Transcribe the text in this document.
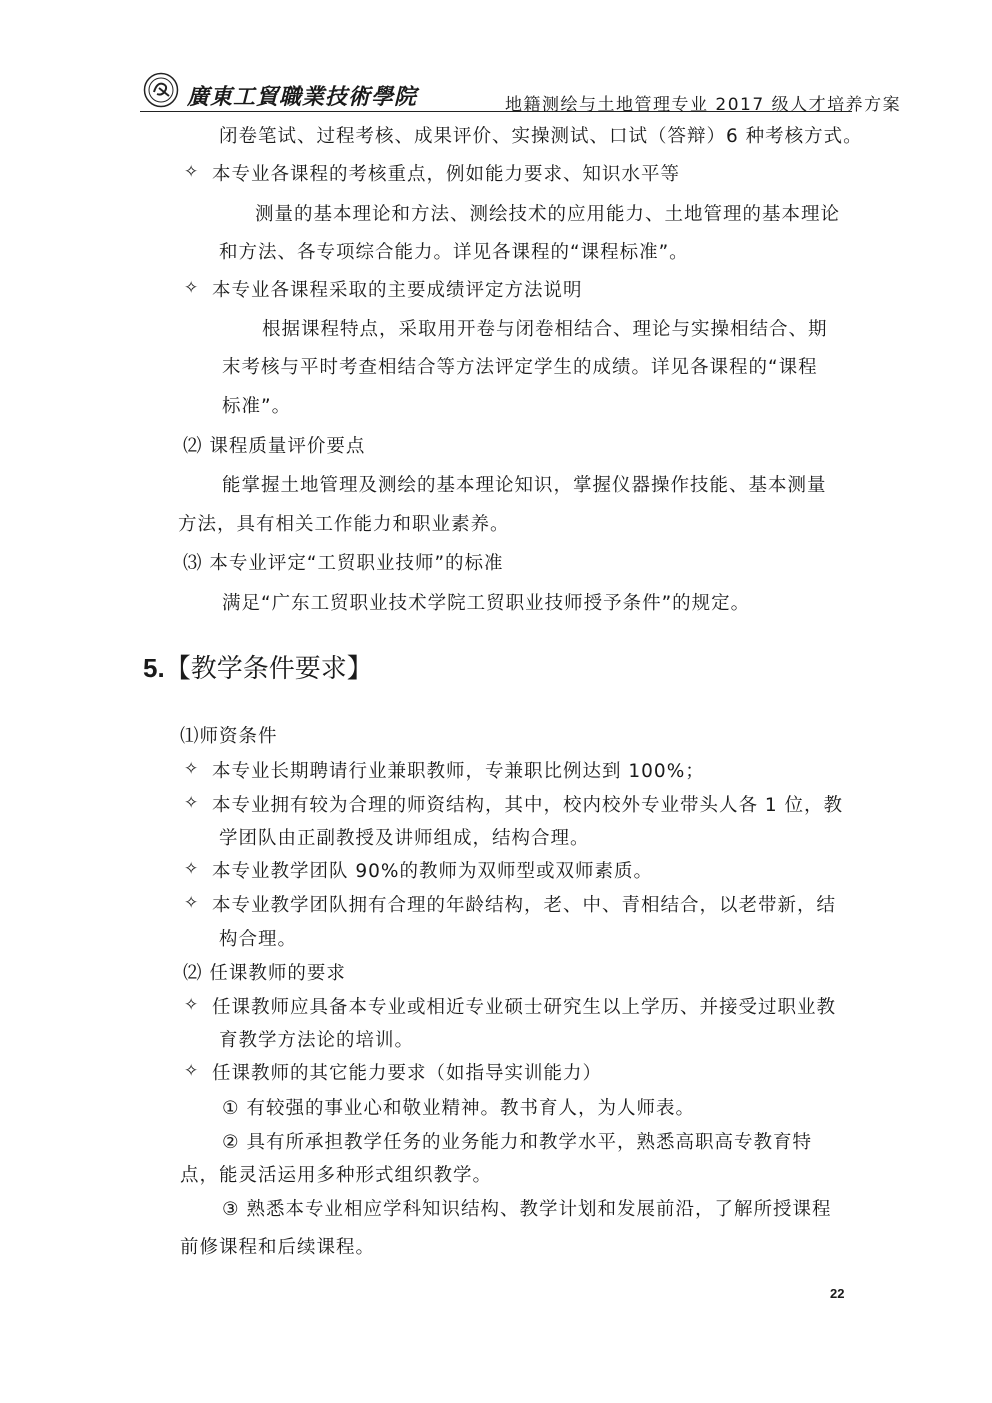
廣東工貿職業技術學院	地籍测绘与土地管理专业 2017 级人才培养方案
闭卷笔试、过程考核、成果评价、实操测试、口试（答辩）6 种考核方式。
✧ 本专业各课程的考核重点，例如能力要求、知识水平等
测量的基本理论和方法、测绘技术的应用能力、土地管理的基本理论
和方法、各专项综合能力。详见各课程的“课程标准”。
✧ 本专业各课程采取的主要成绩评定方法说明
根据课程特点，采取用开卷与闭卷相结合、理论与实操相结合、期
末考核与平时考查相结合等方法评定学生的成绩。详见各课程的“课程
标准”。
⑵ 课程质量评价要点
能掌握土地管理及测绘的基本理论知识，掌握仪器操作技能、基本测量
方法，具有相关工作能力和职业素养。
⑶ 本专业评定“工贸职业技师”的标准
满足“广东工贸职业技术学院工贸职业技师授予条件”的规定。
5.【教学条件要求】
⑴师资条件
✧ 本专业长期聘请行业兼职教师，专兼职比例达到 100%；
✧ 本专业拥有较为合理的师资结构，其中，校内校外专业带头人各 1 位，教
学团队由正副教授及讲师组成，结构合理。
✧ 本专业教学团队 90%的教师为双师型或双师素质。
✧ 本专业教学团队拥有合理的年龄结构，老、中、青相结合，以老带新，结
构合理。
⑵ 任课教师的要求
✧ 任课教师应具备本专业或相近专业硕士研究生以上学历、并接受过职业教
育教学方法论的培训。
✧ 任课教师的其它能力要求（如指导实训能力）
① 有较强的事业心和敬业精神。教书育人，为人师表。
② 具有所承担教学任务的业务能力和教学水平，熟悉高职高专教育特
点，能灵活运用多种形式组织教学。
③ 熟悉本专业相应学科知识结构、教学计划和发展前沿，了解所授课程
前修课程和后续课程。
22
